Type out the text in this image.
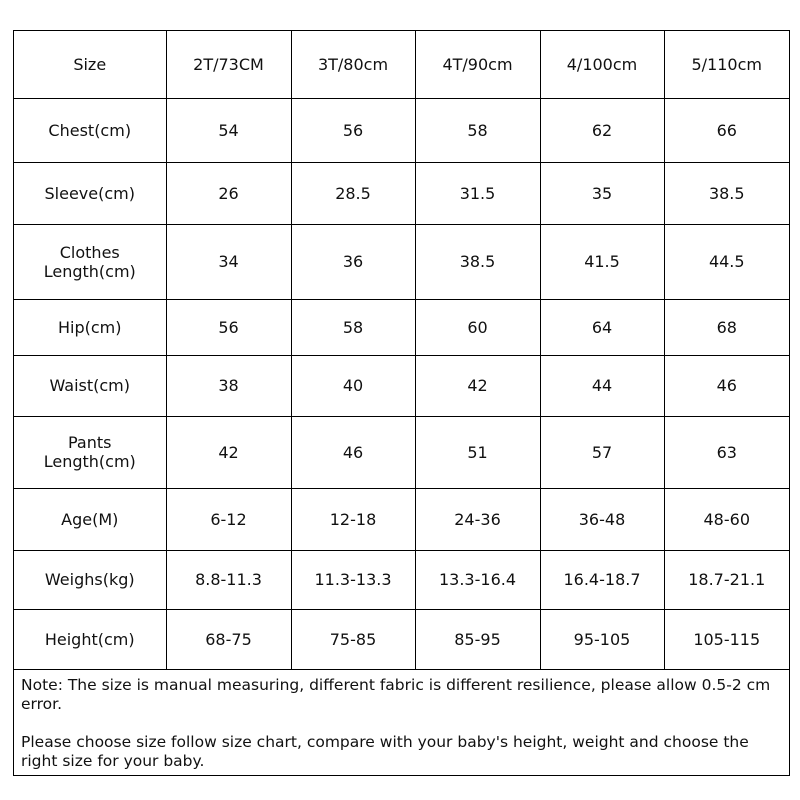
Size	2T/73CM	3T/80cm	4T/90cm	4/100cm	5/110cm

Chest(cm)	54	56	58	62	66

Sleeve(cm)	26	28.5	31.5	35	38.5

Clothes
Length(cm)	34	36	38.5	41.5	44.5

Hip(cm)	56	58	60	64	68

Waist(cm)	38	40	42	44	46

Pants
Length(cm)	42	46	51	57	63

Age(M)	6-12	12-18	24-36	36-48	48-60

Weighs(kg)	8.8-11.3	11.3-13.3	13.3-16.4	16.4-18.7	18.7-21.1

Height(cm)	68-75	75-85	85-95	95-105	105-115

Note: The size is manual measuring, different fabric is different resilience, please allow 0.5-2 cm error.

Please choose size follow size chart, compare with your baby's height, weight and choose the right size for your baby.
